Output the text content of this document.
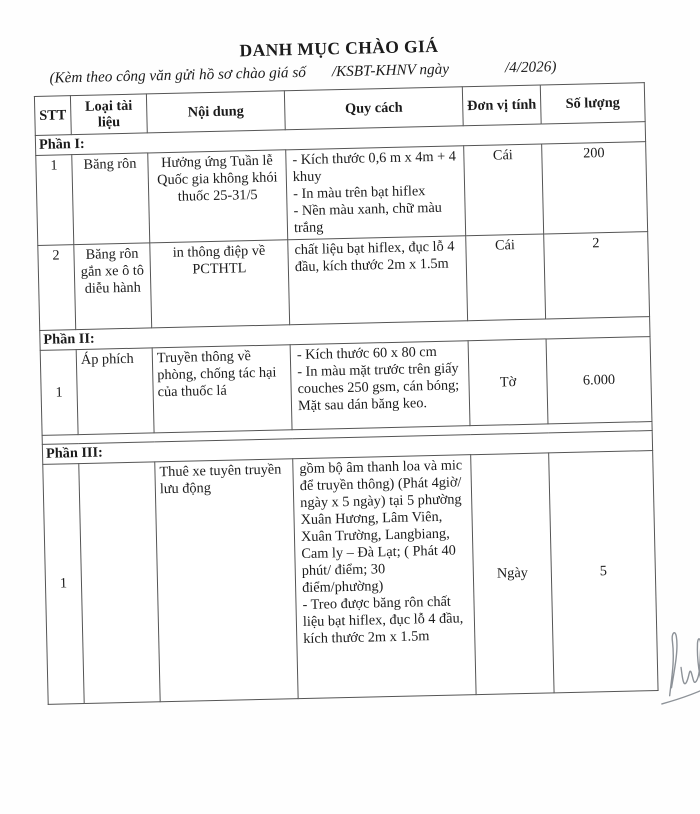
DANH MỤC CHÀO GIÁ
(Kèm theo công văn gửi hồ sơ chào giá số /KSBT-KHNV ngày	/4/2026)
STT	Loại tài liệu	Nội dung	Quy cách	Đơn vị tính	Số lượng
Phần I:					
1	Băng rôn	Hưởng ứng Tuần lễ Quốc gia không khói thuốc 25-31/5	- Kích thước 0,6 m x 4m + 4 khuy
- In màu trên bạt hiflex
- Nền màu xanh, chữ màu trắng	Cái	200
2	Băng rôn gắn xe ô tô diễu hành	in thông điệp về PCTHTL	chất liệu bạt hiflex, đục lỗ 4 đầu, kích thước 2m x 1.5m	Cái	2
Phần II:					
1	Áp phích	Truyền thông về phòng, chống tác hại của thuốc lá	- Kích thước 60 x 80 cm
- In màu mặt trước trên giấy couches 250 gsm, cán bóng; Mặt sau dán băng keo.	Tờ	6.000

Phần III:					
1		Thuê xe tuyên truyền lưu động	gồm bộ âm thanh loa và mic để truyền thông) (Phát 4giờ/ ngày x 5 ngày) tại 5 phường Xuân Hương, Lâm Viên, Xuân Trường, Langbiang, Cam ly – Đà Lạt; ( Phát 40 phút/ điểm; 30 điểm/phường)
- Treo được băng rôn chất liệu bạt hiflex, đục lỗ 4 đầu, kích thước 2m x 1.5m	Ngày	5
